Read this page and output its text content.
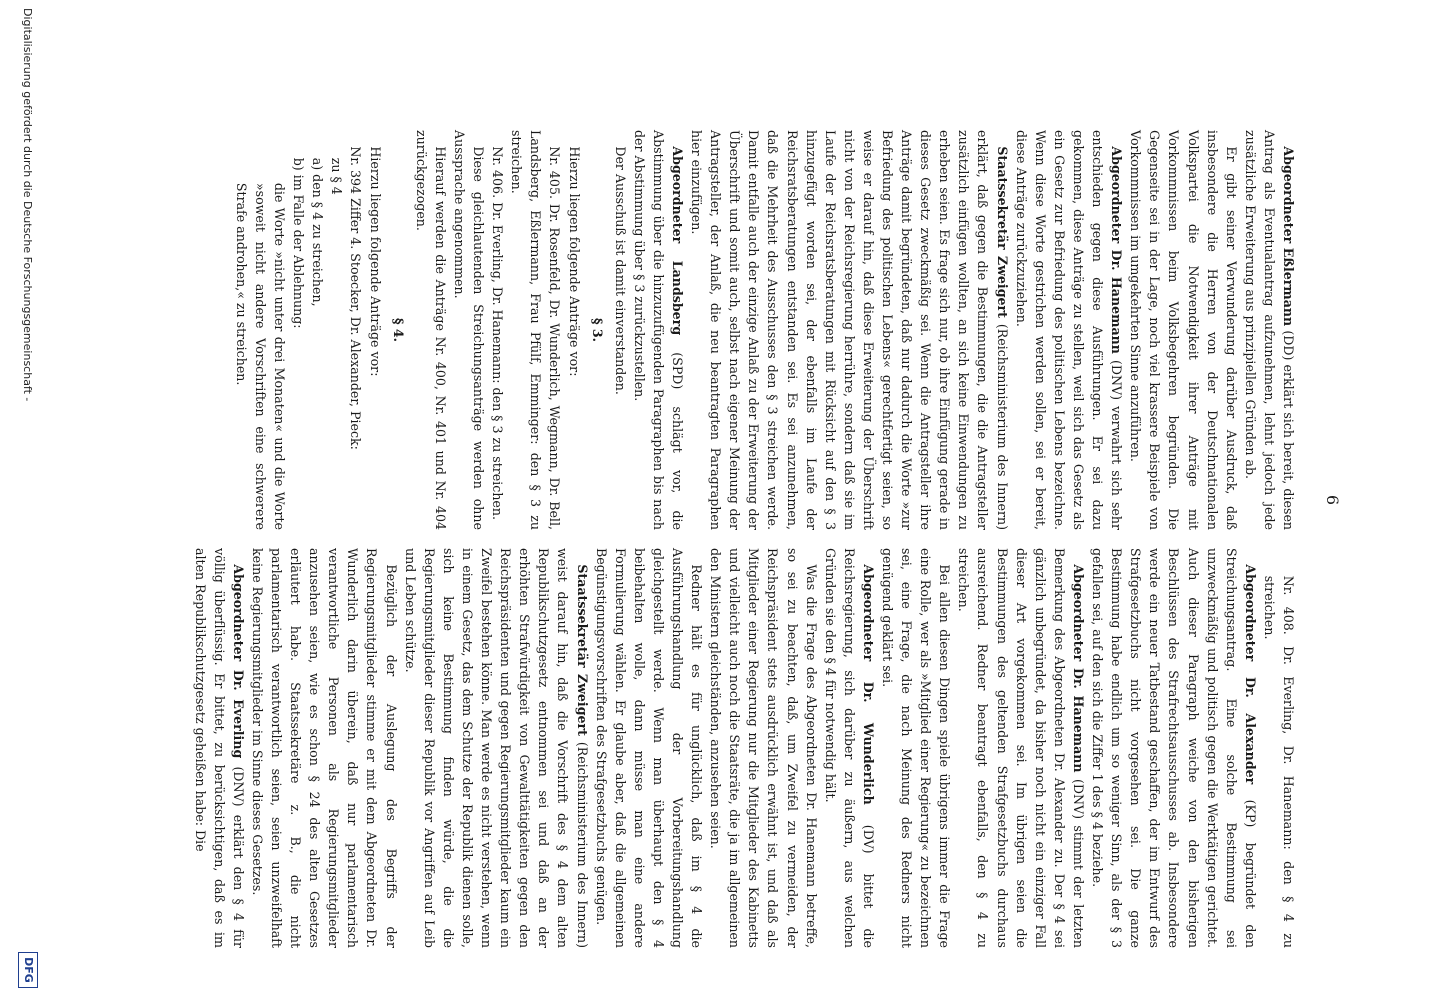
6

Abgeordneter Eßlermann (DD) erklärt sich bereit, diesen Antrag als Eventualantrag aufzunehmen, lehnt jedoch jede zusätzliche Erweiterung aus prinzipiellen Gründen ab.

Er gibt seiner Verwunderung darüber Ausdruck, daß insbesondere die Herren von der Deutschnationalen Volkspartei die Notwendigkeit ihrer Anträge mit Vorkommnissen beim Volksbegehren begründen. Die Gegenseite sei in der Lage, noch viel krassere Beispiele von Vorkommnissen im umgekehrten Sinne anzuführen.

Abgeordneter Dr. Hanemann (DNV) verwahrt sich sehr entschieden gegen diese Ausführungen. Er sei dazu gekommen, diese Anträge zu stellen, weil sich das Gesetz als ein Gesetz zur Befriedung des politischen Lebens bezeichne. Wenn diese Worte gestrichen werden sollen, sei er bereit, diese Anträge zurückzuziehen.

Staatssekretär Zweigert (Reichsministerium des Innern) erklärt, daß gegen die Bestimmungen, die die Antragsteller zusätzlich einfügen wollten, an sich keine Einwendungen zu erheben seien. Es frage sich nur, ob ihre Einfügung gerade in dieses Gesetz zweckmäßig sei. Wenn die Antragsteller ihre Anträge damit begründeten, daß nur dadurch die Worte »zur Befriedung des politischen Lebens« gerechtfertigt seien, so weise er darauf hin, daß diese Erweiterung der Überschrift nicht von der Reichsregierung herrühre, sondern daß sie im Laufe der Reichsratsberatungen mit Rücksicht auf den § 3 hinzugefügt worden sei, der ebenfalls im Laufe der Reichsratsberatungen entstanden sei. Es sei anzunehmen, daß die Mehrheit des Ausschusses den § 3 streichen werde. Damit entfalle auch der einzige Anlaß zu der Erweiterung der Überschrift und somit auch, selbst nach eigener Meinung der Antragsteller, der Anlaß, die neu beantragten Paragraphen hier einzufügen.

Abgeordneter Landsberg (SPD) schlägt vor, die Abstimmung über die hinzuzufügenden Paragraphen bis nach der Abstimmung über § 3 zurückzustellen.

Der Ausschuß ist damit einverstanden.

§ 3.

Hierzu liegen folgende Anträge vor:

Nr. 405. Dr. Rosenfeld, Dr. Wunderlich, Wegmann, Dr. Bell, Landsberg, Eßlermann, Frau Pfülf, Emminger: den § 3 zu streichen.

Nr. 406. Dr. Everling, Dr. Hanemann: den § 3 zu streichen.

Diese gleichlautenden Streichungsanträge werden ohne Aussprache angenommen.

Hierauf werden die Anträge Nr. 400, Nr. 401 und Nr. 404 zurückgezogen.

§ 4.

Hierzu liegen folgende Anträge vor:

Nr. 394 Ziffer 4. Stoecker, Dr. Alexander, Pieck:

zu § 4

a) den § 4 zu streichen,

b) im Falle der Ablehnung:

die Worte »nicht unter drei Monaten« und die Worte »soweit nicht andere Vorschriften eine schwerere Strafe androhen,« zu streichen.

Nr. 408. Dr. Everling, Dr. Hanemann: den § 4 zu streichen.

Abgeordneter Dr. Alexander (KP) begründet den Streichungsantrag. Eine solche Bestimmung sei unzweckmäßig und politisch gegen die Werktätigen gerichtet. Auch dieser Paragraph weiche von den bisherigen Beschlüssen des Strafrechtsausschusses ab. Insbesondere werde ein neuer Tatbestand geschaffen, der im Entwurf des Strafgesetzbuchs nicht vorgesehen sei. Die ganze Bestimmung habe endlich um so weniger Sinn, als der § 3 gefallen sei, auf den sich die Ziffer 1 des § 4 beziehe.

Abgeordneter Dr. Hanemann (DNV) stimmt der letzten Bemerkung des Abgeordneten Dr. Alexander zu. Der § 4 sei gänzlich unbegründet, da bisher noch nicht ein einziger Fall dieser Art vorgekommen sei. Im übrigen seien die Bestimmungen des geltenden Strafgesetzbuchs durchaus ausreichend. Redner beantragt ebenfalls, den § 4 zu streichen.

Bei allen diesen Dingen spiele übrigens immer die Frage eine Rolle, wer als »Mitglied einer Regierung« zu bezeichnen sei, eine Frage, die nach Meinung des Redners nicht genügend geklärt sei.

Abgeordneter Dr. Wunderlich (DV) bittet die Reichsregierung, sich darüber zu äußern, aus welchen Gründen sie den § 4 für notwendig hält.

Was die Frage des Abgeordneten Dr. Hanemann betreffe, so sei zu beachten, daß, um Zweifel zu vermeiden, der Reichspräsident stets ausdrücklich erwähnt ist, und daß als Mitglieder einer Regierung nur die Mitglieder des Kabinetts und vielleicht auch noch die Staatsräte, die ja im allgemeinen den Ministern gleichständen, anzusehen seien.

Redner hält es für unglücklich, daß im § 4 die Ausführungshandlung der Vorbereitungshandlung gleichgestellt werde. Wenn man überhaupt den § 4 beibehalten wolle, dann müsse man eine andere Formulierung wählen. Er glaube aber, daß die allgemeinen Begünstigungsvorschriften des Strafgesetzbuchs genügen.

Staatssekretär Zweigert (Reichsministerium des Innern) weist darauf hin, daß die Vorschrift des § 4 dem alten Republikschutzgesetz entnommen sei und daß an der erhöhten Strafwürdigkeit von Gewalttätigkeiten gegen den Reichspräsidenten und gegen Regierungsmitglieder kaum ein Zweifel bestehen könne. Man werde es nicht verstehen, wenn in einem Gesetz, das dem Schutze der Republik dienen solle, sich keine Bestimmung finden würde, die die Regierungsmitglieder dieser Republik vor Angriffen auf Leib und Leben schütze.

Bezüglich der Auslegung des Begriffs der Regierungsmitglieder stimme er mit dem Abgeordneten Dr. Wunderlich darin überein, daß nur parlamentarisch verantwortliche Personen als Regierungsmitglieder anzusehen seien, wie es schon § 24 des alten Gesetzes erläutert habe. Staatssekretäre z. B., die nicht parlamentarisch verantwortlich seien, seien unzweifelhaft keine Regierungsmitglieder im Sinne dieses Gesetzes.

Abgeordneter Dr. Everling (DNV) erklärt den § 4 für völlig überflüssig. Er bittet, zu berücksichtigen, daß es im alten Republikschutzgesetz geheißen habe: Die

Digitalisierung gefördert durch die Deutsche Forschungsgemeinschaft -
DFG
